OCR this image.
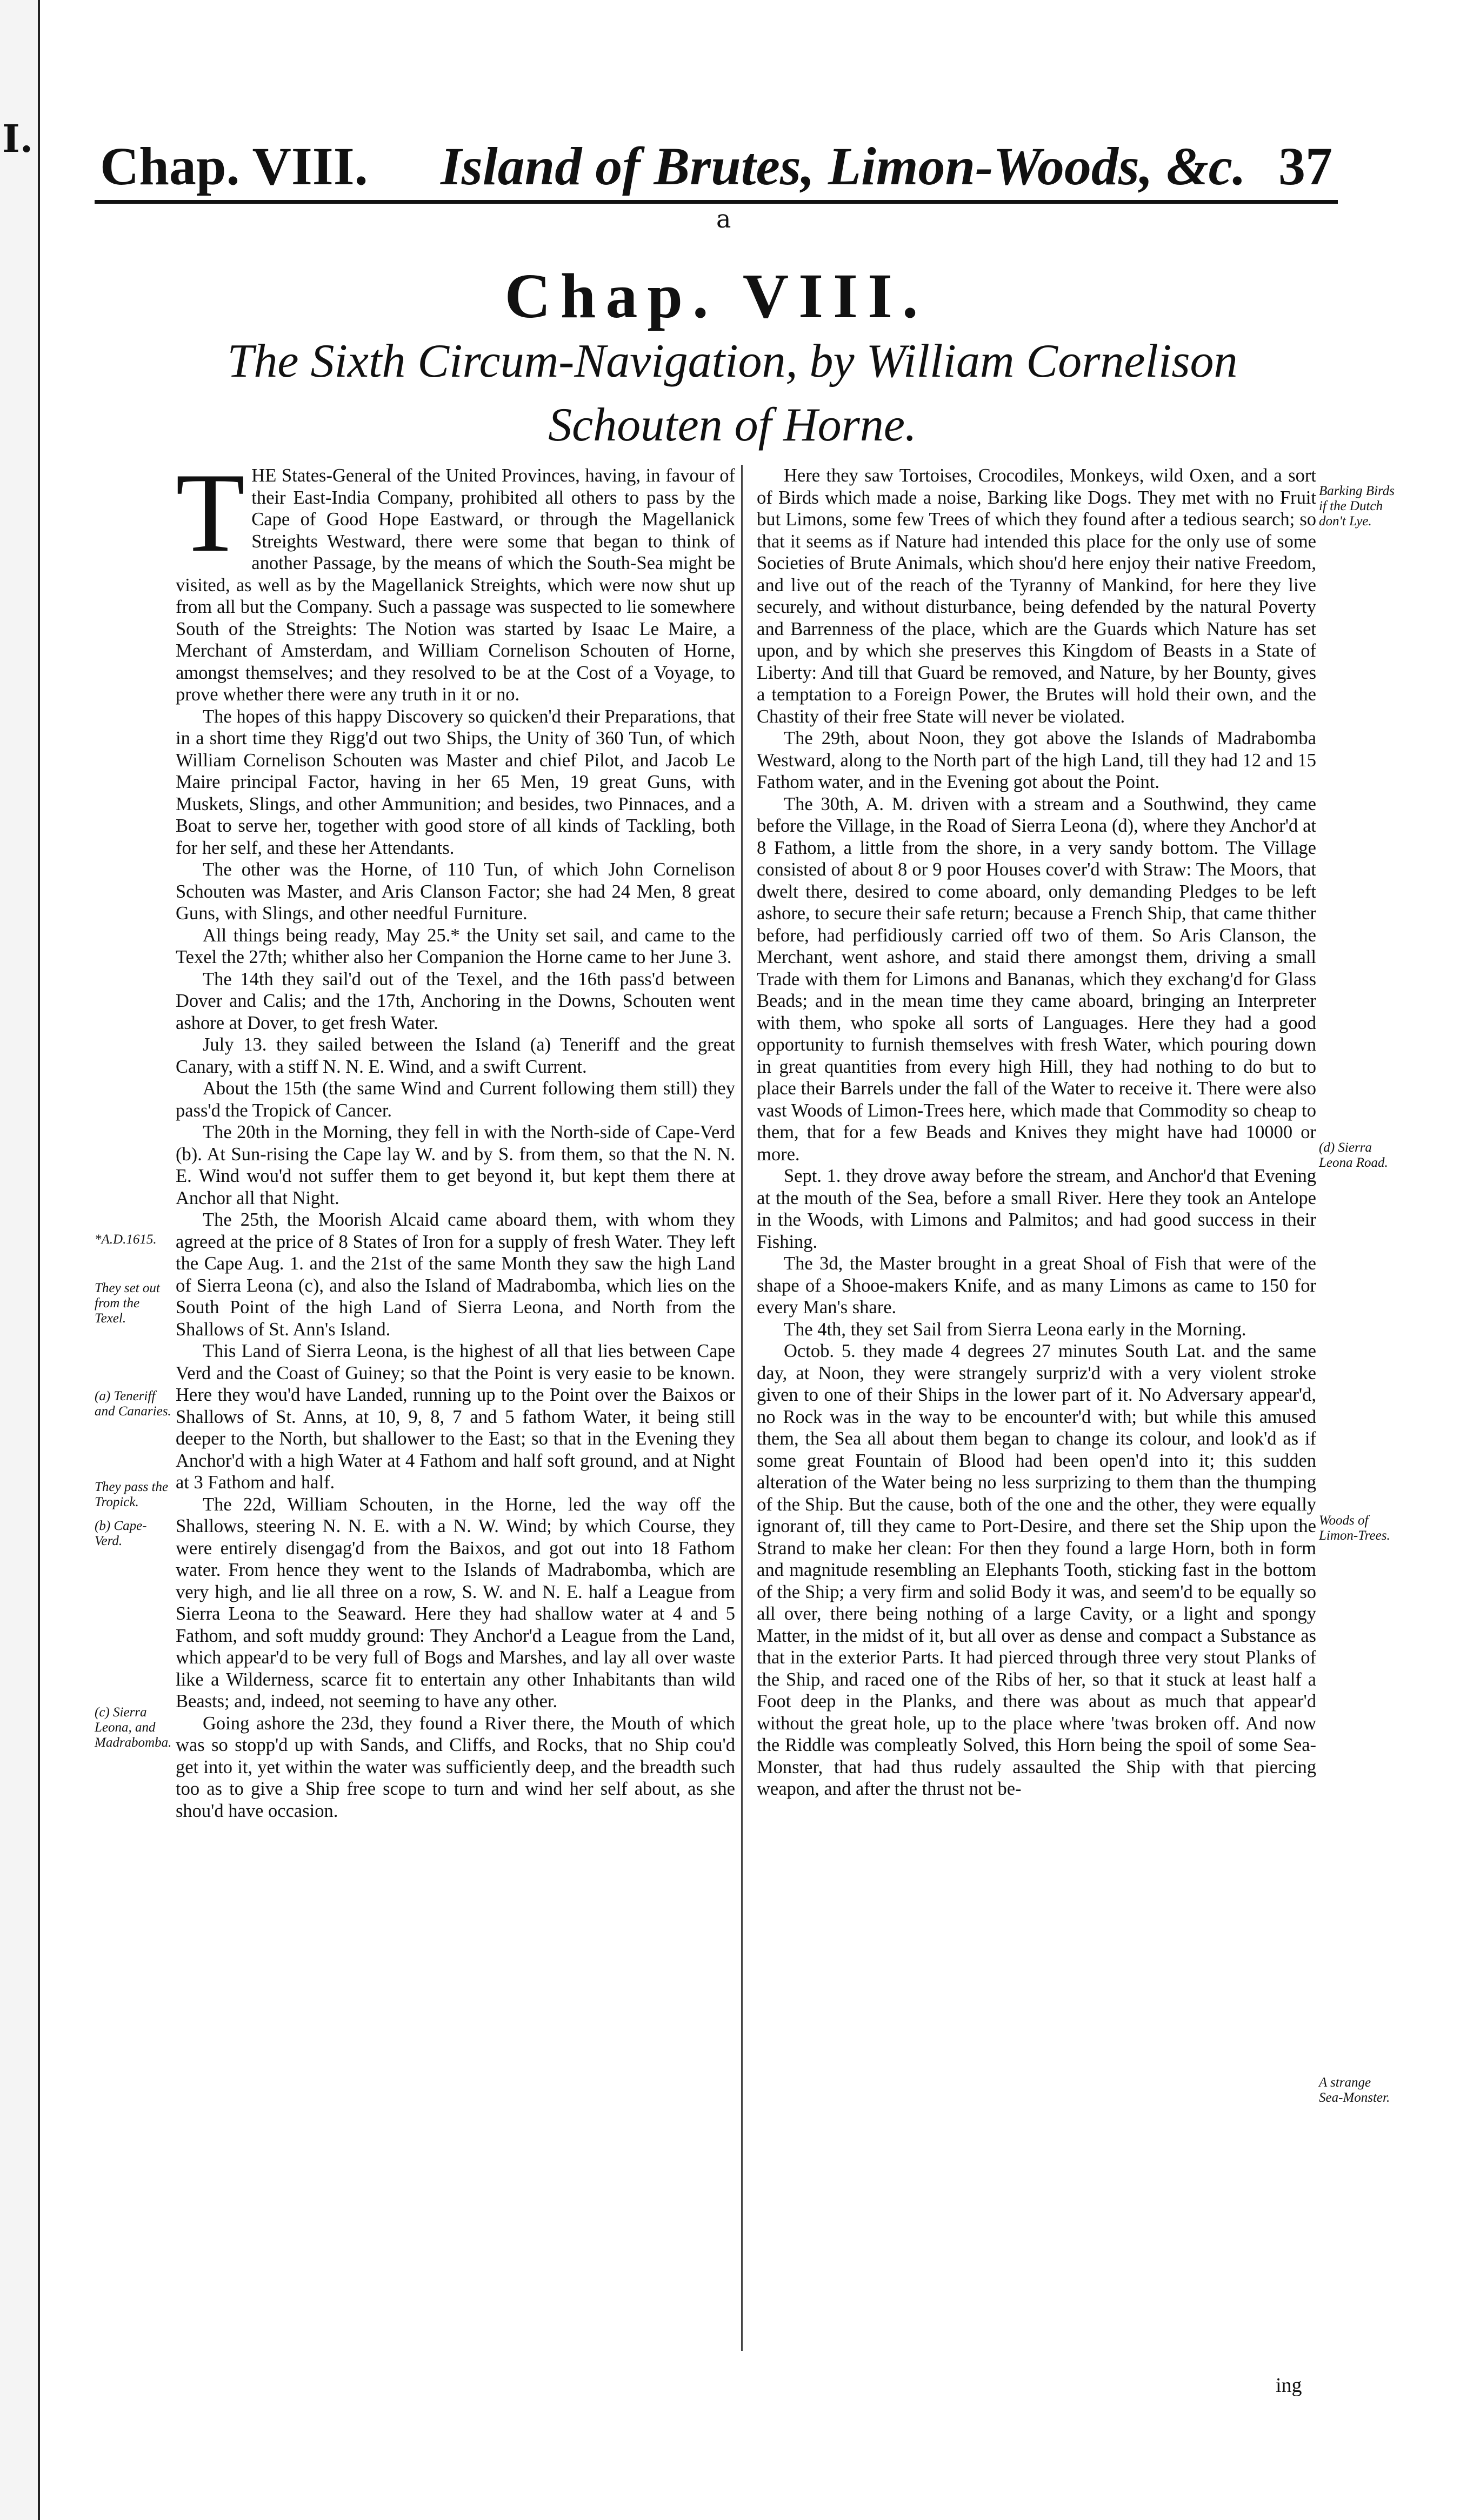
I. Chap. VIII. Island of Brutes, Limon-Woods, &c. 37
a
Chap. VIII.
The Sixth Circum-Navigation, by William Cornelison Schouten of Horne.
*A.D.1615.
They set out from the Texel.
(a) Teneriff and Canaries.
They pass the Tropick.
(b) Cape-Verd.
(c) Sierra Leona, and Madrabomba.
Barking Birds if the Dutch don't Lye.
(d) Sierra Leona Road.
Woods of Limon-Trees.
A strange Sea-Monster.

THE States-General of the United Provinces, having, in favour of their East-India Company, prohibited all others to pass by the Cape of Good Hope Eastward, or through the Magellanick Streights Westward, there were some that began to think of another Passage, by the means of which the South-Sea might be visited, as well as by the Magellanick Streights, which were now shut up from all but the Company. Such a passage was suspected to lie somewhere South of the Streights: The Notion was started by Isaac Le Maire, a Merchant of Amsterdam, and William Cornelison Schouten of Horne, amongst themselves; and they resolved to be at the Cost of a Voyage, to prove whether there were any truth in it or no.

The hopes of this happy Discovery so quicken'd their Preparations, that in a short time they Rigg'd out two Ships, the Unity of 360 Tun, of which William Cornelison Schouten was Master and chief Pilot, and Jacob Le Maire principal Factor, having in her 65 Men, 19 great Guns, with Muskets, Slings, and other Ammunition; and besides, two Pinnaces, and a Boat to serve her, together with good store of all kinds of Tackling, both for her self, and these her Attendants.

The other was the Horne, of 110 Tun, of which John Cornelison Schouten was Master, and Aris Clanson Factor; she had 24 Men, 8 great Guns, with Slings, and other needful Furniture.

All things being ready, May 25.* the Unity set sail, and came to the Texel the 27th; whither also her Companion the Horne came to her June 3.

The 14th they sail'd out of the Texel, and the 16th pass'd between Dover and Calis; and the 17th, Anchoring in the Downs, Schouten went ashore at Dover, to get fresh Water.

July 13. they sailed between the Island (a) Teneriff and the great Canary, with a stiff N. N. E. Wind, and a swift Current.

About the 15th (the same Wind and Current following them still) they pass'd the Tropick of Cancer.

The 20th in the Morning, they fell in with the North-side of Cape-Verd (b). At Sun-rising the Cape lay W. and by S. from them, so that the N. N. E. Wind wou'd not suffer them to get beyond it, but kept them there at Anchor all that Night.

The 25th, the Moorish Alcaid came aboard them, with whom they agreed at the price of 8 States of Iron for a supply of fresh Water. They left the Cape Aug. 1. and the 21st of the same Month they saw the high Land of Sierra Leona (c), and also the Island of Madrabomba, which lies on the South Point of the high Land of Sierra Leona, and North from the Shallows of St. Ann's Island.

This Land of Sierra Leona, is the highest of all that lies between Cape Verd and the Coast of Guiney; so that the Point is very easie to be known. Here they wou'd have Landed, running up to the Point over the Baixos or Shallows of St. Anns, at 10, 9, 8, 7 and 5 fathom Water, it being still deeper to the North, but shallower to the East; so that in the Evening they Anchor'd with a high Water at 4 Fathom and half soft ground, and at Night at 3 Fathom and half.

The 22d, William Schouten, in the Horne, led the way off the Shallows, steering N. N. E. with a N. W. Wind; by which Course, they were entirely disengag'd from the Baixos, and got out into 18 Fathom water. From hence they went to the Islands of Madrabomba, which are very high, and lie all three on a row, S. W. and N. E. half a League from Sierra Leona to the Seaward. Here they had shallow water at 4 and 5 Fathom, and soft muddy ground: They Anchor'd a League from the Land, which appear'd to be very full of Bogs and Marshes, and lay all over waste like a Wilderness, scarce fit to entertain any other Inhabitants than wild Beasts; and, indeed, not seeming to have any other.

Going ashore the 23d, they found a River there, the Mouth of which was so stopp'd up with Sands, and Cliffs, and Rocks, that no Ship cou'd get into it, yet within the water was sufficiently deep, and the breadth such too as to give a Ship free scope to turn and wind her self about, as she shou'd have occasion.

Here they saw Tortoises, Crocodiles, Monkeys, wild Oxen, and a sort of Birds which made a noise, Barking like Dogs. They met with no Fruit but Limons, some few Trees of which they found after a tedious search; so that it seems as if Nature had intended this place for the only use of some Societies of Brute Animals, which shou'd here enjoy their native Freedom, and live out of the reach of the Tyranny of Mankind, for here they live securely, and without disturbance, being defended by the natural Poverty and Barrenness of the place, which are the Guards which Nature has set upon, and by which she preserves this Kingdom of Beasts in a State of Liberty: And till that Guard be removed, and Nature, by her Bounty, gives a temptation to a Foreign Power, the Brutes will hold their own, and the Chastity of their free State will never be violated.

The 29th, about Noon, they got above the Islands of Madrabomba Westward, along to the North part of the high Land, till they had 12 and 15 Fathom water, and in the Evening got about the Point.

The 30th, A. M. driven with a stream and a Southwind, they came before the Village, in the Road of Sierra Leona (d), where they Anchor'd at 8 Fathom, a little from the shore, in a very sandy bottom. The Village consisted of about 8 or 9 poor Houses cover'd with Straw: The Moors, that dwelt there, desired to come aboard, only demanding Pledges to be left ashore, to secure their safe return; because a French Ship, that came thither before, had perfidiously carried off two of them. So Aris Clanson, the Merchant, went ashore, and staid there amongst them, driving a small Trade with them for Limons and Bananas, which they exchang'd for Glass Beads; and in the mean time they came aboard, bringing an Interpreter with them, who spoke all sorts of Languages. Here they had a good opportunity to furnish themselves with fresh Water, which pouring down in great quantities from every high Hill, they had nothing to do but to place their Barrels under the fall of the Water to receive it. There were also vast Woods of Limon-Trees here, which made that Commodity so cheap to them, that for a few Beads and Knives they might have had 10000 or more.

Sept. 1. they drove away before the stream, and Anchor'd that Evening at the mouth of the Sea, before a small River. Here they took an Antelope in the Woods, with Limons and Palmitos; and had good success in their Fishing.

The 3d, the Master brought in a great Shoal of Fish that were of the shape of a Shooe-makers Knife, and as many Limons as came to 150 for every Man's share.

The 4th, they set Sail from Sierra Leona early in the Morning.

Octob. 5. they made 4 degrees 27 minutes South Lat. and the same day, at Noon, they were strangely surpriz'd with a very violent stroke given to one of their Ships in the lower part of it. No Adversary appear'd, no Rock was in the way to be encounter'd with; but while this amused them, the Sea all about them began to change its colour, and look'd as if some great Fountain of Blood had been open'd into it; this sudden alteration of the Water being no less surprizing to them than the thumping of the Ship. But the cause, both of the one and the other, they were equally ignorant of, till they came to Port-Desire, and there set the Ship upon the Strand to make her clean: For then they found a large Horn, both in form and magnitude resembling an Elephants Tooth, sticking fast in the bottom of the Ship; a very firm and solid Body it was, and seem'd to be equally so all over, there being nothing of a large Cavity, or a light and spongy Matter, in the midst of it, but all over as dense and compact a Substance as that in the exterior Parts. It had pierced through three very stout Planks of the Ship, and raced one of the Ribs of her, so that it stuck at least half a Foot deep in the Planks, and there was about as much that appear'd without the great hole, up to the place where 'twas broken off. And now the Riddle was compleatly Solved, this Horn being the spoil of some Sea-Monster, that had thus rudely assaulted the Ship with that piercing weapon, and after the thrust not be-

ing
